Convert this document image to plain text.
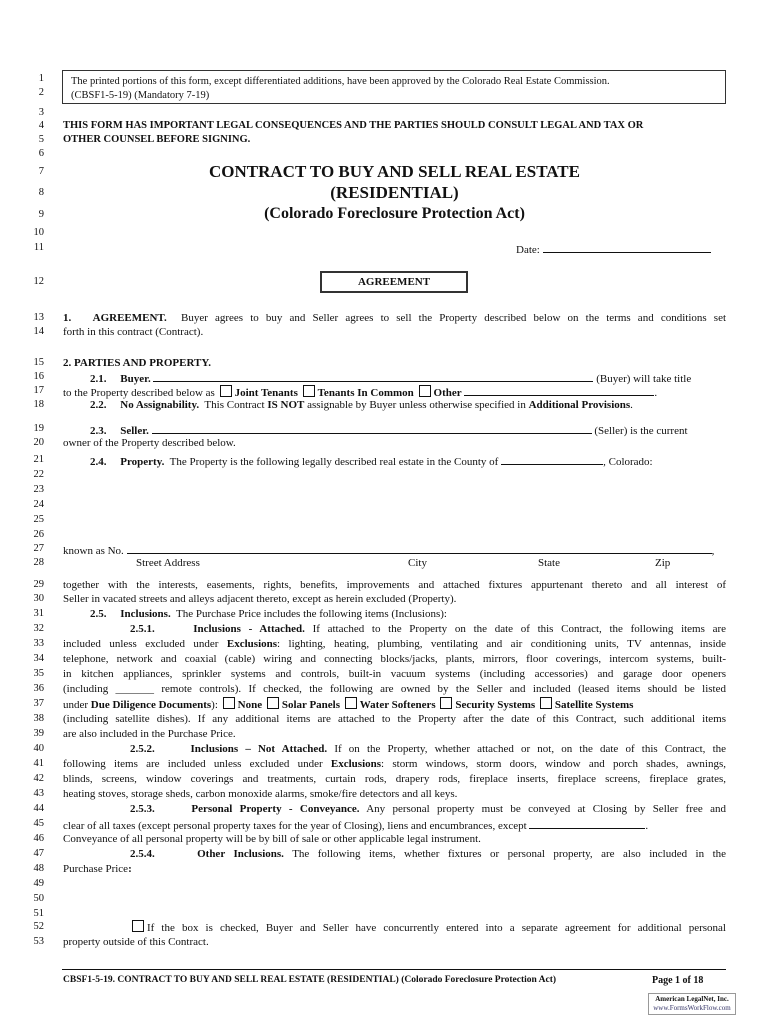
The printed portions of this form, except differentiated additions, have been approved by the Colorado Real Estate Commission.
(CBSF1-5-19) (Mandatory 7-19)
1
2
3
4
5
6
7
8
9
10
11
12
13
14
15
16
17
18
19
20
21
22
23
24
25
26
27
28
29
30
31
32
33
34
35
36
37
38
39
40
41
42
43
44
45
46
47
48
49
50
51
52
53
THIS FORM HAS IMPORTANT LEGAL CONSEQUENCES AND THE PARTIES SHOULD CONSULT LEGAL AND TAX OR
OTHER COUNSEL BEFORE SIGNING.
CONTRACT TO BUY AND SELL REAL ESTATE
(RESIDENTIAL)
(Colorado Foreclosure Protection Act)
Date:
AGREEMENT
1. AGREEMENT. Buyer agrees to buy and Seller agrees to sell the Property described below on the terms and conditions set
forth in this contract (Contract).
2. PARTIES AND PROPERTY.
2.1. Buyer.	(Buyer) will take title
to the Property described below as Joint Tenants Tenants In Common Other	.
2.2. No Assignability. This Contract IS NOT assignable by Buyer unless otherwise specified in Additional Provisions.
2.3. Seller.	(Seller) is the current
owner of the Property described below.
2.4. Property. The Property is the following legally described real estate in the County of	, Colorado:
known as No.	,
Street Address	City	State	Zip
together with the interests, easements, rights, benefits, improvements and attached fixtures appurtenant thereto and all interest of
Seller in vacated streets and alleys adjacent thereto, except as herein excluded (Property).
2.5. Inclusions. The Purchase Price includes the following items (Inclusions):
2.5.1.	Inclusions - Attached. If attached to the Property on the date of this Contract, the following items are
included unless excluded under Exclusions: lighting, heating, plumbing, ventilating and air conditioning units, TV antennas, inside
telephone, network and coaxial (cable) wiring and connecting blocks/jacks, plants, mirrors, floor coverings, intercom systems, built-
in kitchen appliances, sprinkler systems and controls, built-in vacuum systems (including accessories) and garage door openers
(including _______ remote controls). If checked, the following are owned by the Seller and included (leased items should be listed
under Due Diligence Documents): None Solar Panels Water Softeners Security Systems Satellite Systems
(including satellite dishes). If any additional items are attached to the Property after the date of this Contract, such additional items
are also included in the Purchase Price.
2.5.2.	Inclusions – Not Attached. If on the Property, whether attached or not, on the date of this Contract, the
following items are included unless excluded under Exclusions: storm windows, storm doors, window and porch shades, awnings,
blinds, screens, window coverings and treatments, curtain rods, drapery rods, fireplace inserts, fireplace screens, fireplace grates,
heating stoves, storage sheds, carbon monoxide alarms, smoke/fire detectors and all keys.
2.5.3.	Personal Property - Conveyance. Any personal property must be conveyed at Closing by Seller free and
clear of all taxes (except personal property taxes for the year of Closing), liens and encumbrances, except	.
Conveyance of all personal property will be by bill of sale or other applicable legal instrument.
2.5.4.	Other Inclusions. The following items, whether fixtures or personal property, are also included in the
Purchase Price:
If the box is checked, Buyer and Seller have concurrently entered into a separate agreement for additional personal
property outside of this Contract.
CBSF1-5-19. CONTRACT TO BUY AND SELL REAL ESTATE (RESIDENTIAL) (Colorado Foreclosure Protection Act)	Page 1 of 18
American LegalNet, Inc.
www.FormsWorkFlow.com
